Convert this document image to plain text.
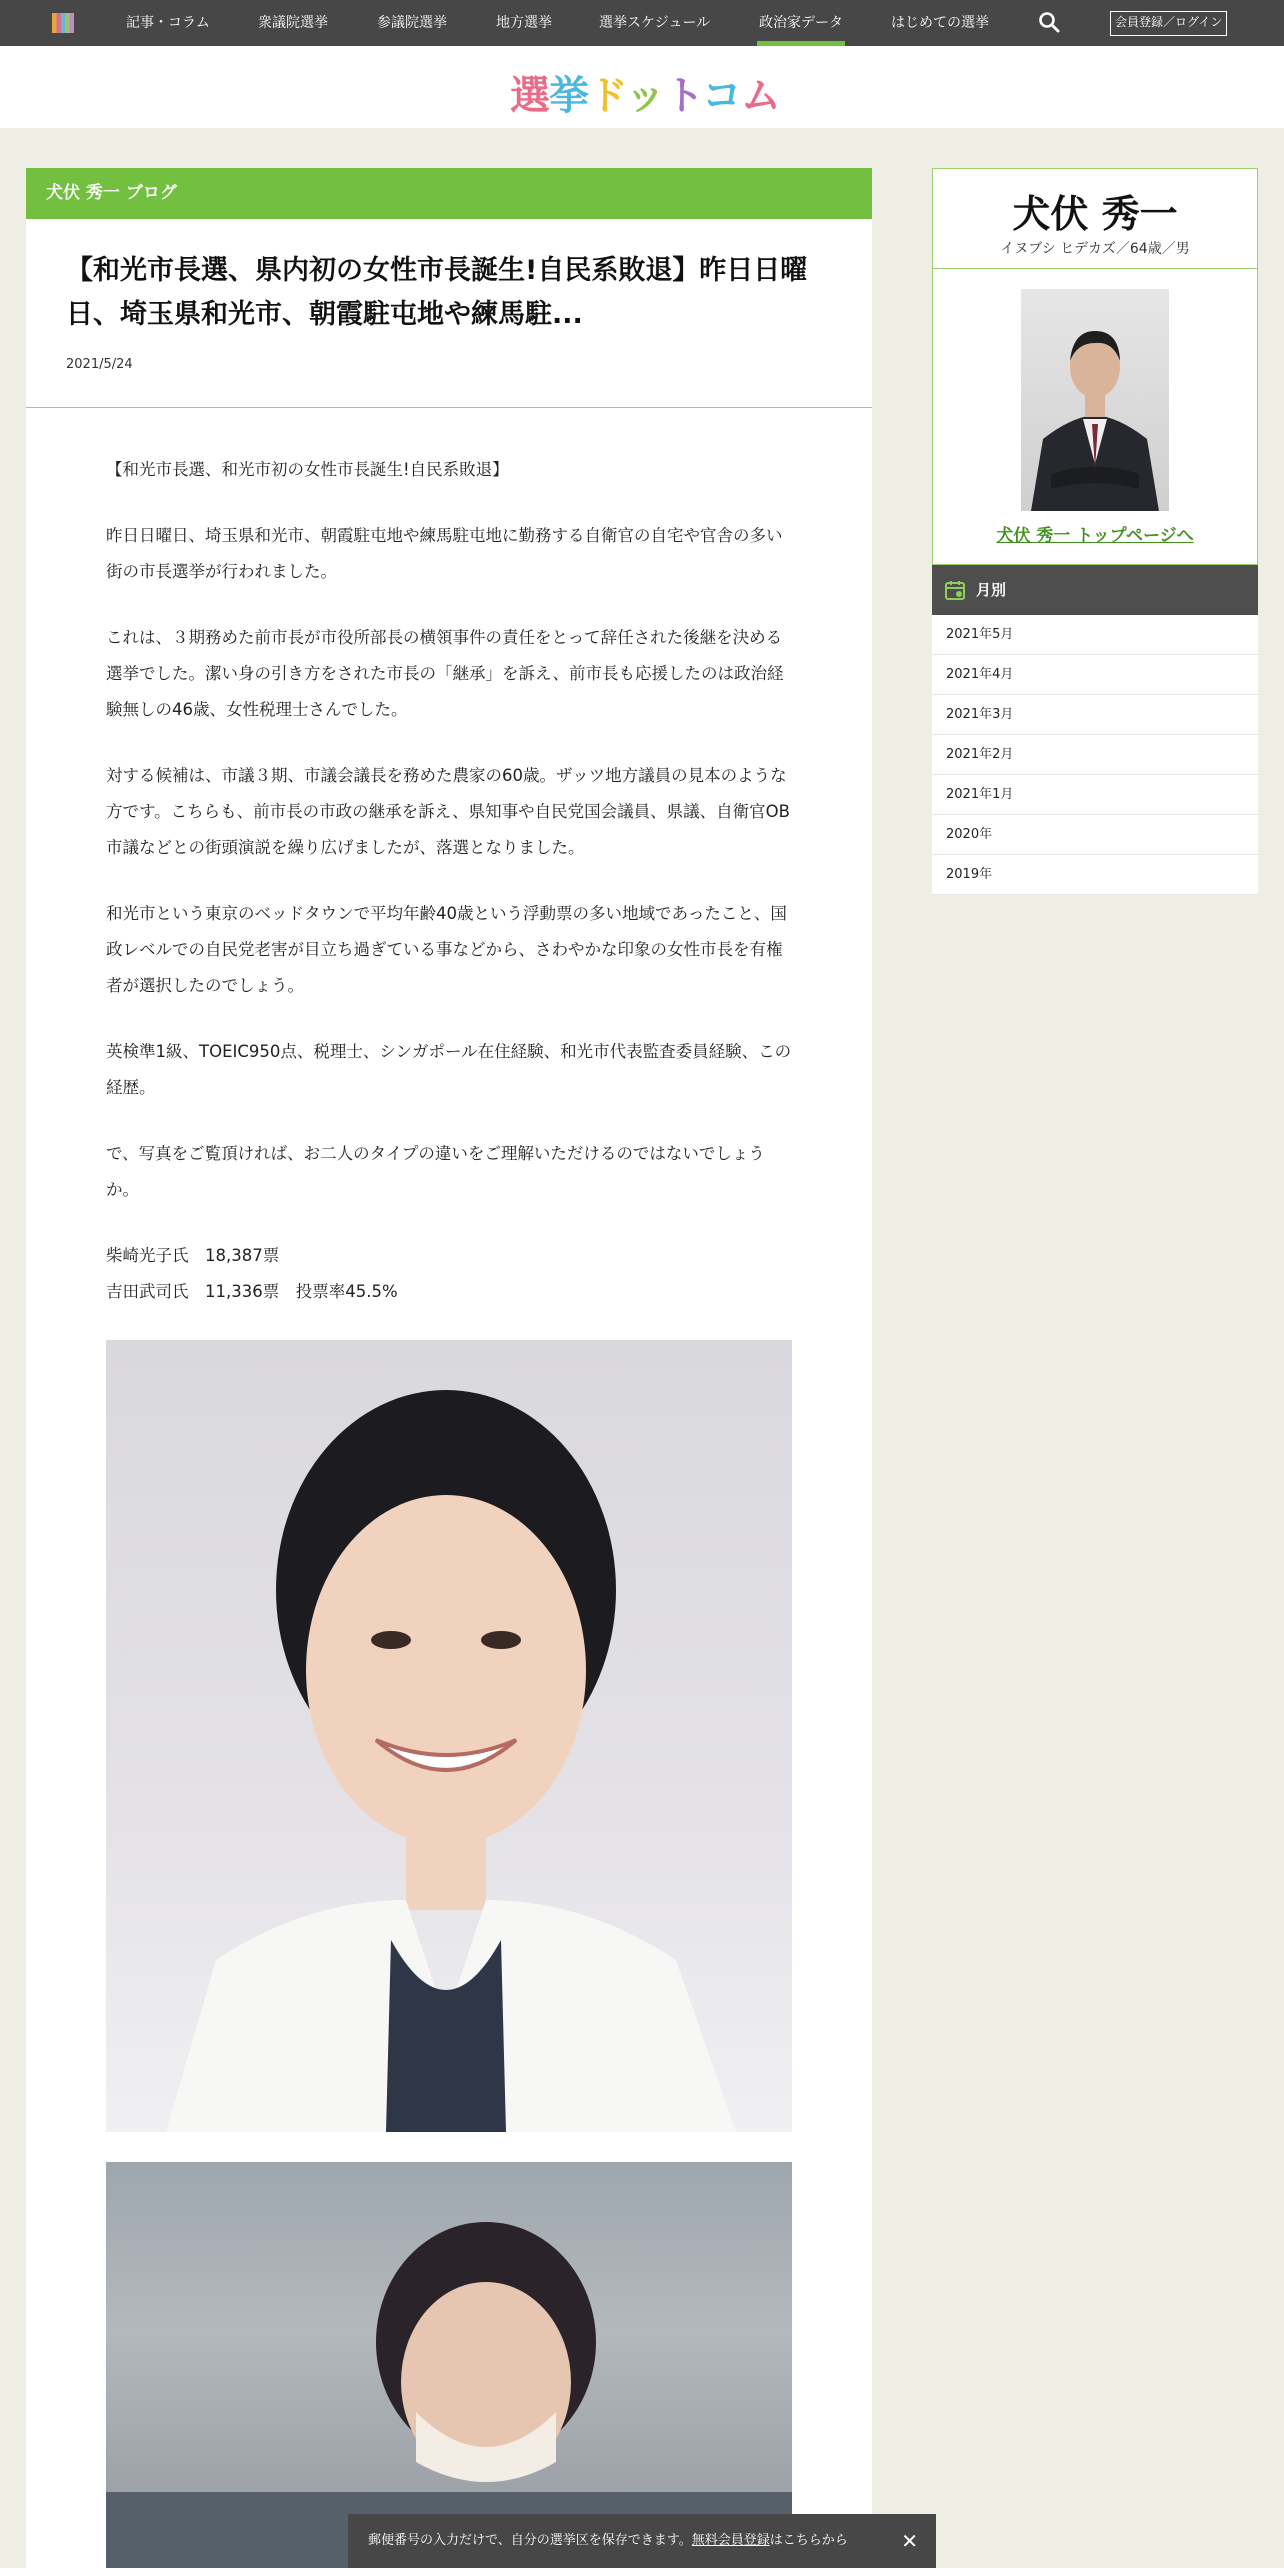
記事・コラム	衆議院選挙	参議院選挙	地方選挙	選挙スケジュール	政治家データ	はじめての選挙	会員登録／ログイン
選挙ドットコム
犬伏 秀一 ブログ
【和光市長選、県内初の女性市長誕生!自民系敗退】昨日日曜日、埼玉県和光市、朝霞駐屯地や練馬駐...
2021/5/24

【和光市長選、和光市初の女性市長誕生!自民系敗退】

昨日日曜日、埼玉県和光市、朝霞駐屯地や練馬駐屯地に勤務する自衛官の自宅や官舎の多い街の市長選挙が行われました。

これは、３期務めた前市長が市役所部長の横領事件の責任をとって辞任された後継を決める選挙でした。潔い身の引き方をされた市長の「継承」を訴え、前市長も応援したのは政治経験無しの46歳、女性税理士さんでした。

対する候補は、市議３期、市議会議長を務めた農家の60歳。ザッツ地方議員の見本のような方です。こちらも、前市長の市政の継承を訴え、県知事や自民党国会議員、県議、自衛官OB市議などとの街頭演説を繰り広げましたが、落選となりました。

和光市という東京のベッドタウンで平均年齢40歳という浮動票の多い地域であったこと、国政レベルでの自民党老害が目立ち過ぎている事などから、さわやかな印象の女性市長を有権者が選択したのでしょう。

英検準1級、TOEIC950点、税理士、シンガポール在住経験、和光市代表監査委員経験、この経歴。

で、写真をご覧頂ければ、お二人のタイプの違いをご理解いただけるのではないでしょうか。

柴崎光子氏　18,387票

吉田武司氏　11,336票　投票率45.5%

犬伏 秀一
イヌブシ ヒデカズ／64歳／男
犬伏 秀一 トップページへ
月別
2021年5月
2021年4月
2021年3月
2021年2月
2021年1月
2020年
2019年
郵便番号の入力だけで、自分の選挙区を保存できます。無料会員登録はこちらから	✕
